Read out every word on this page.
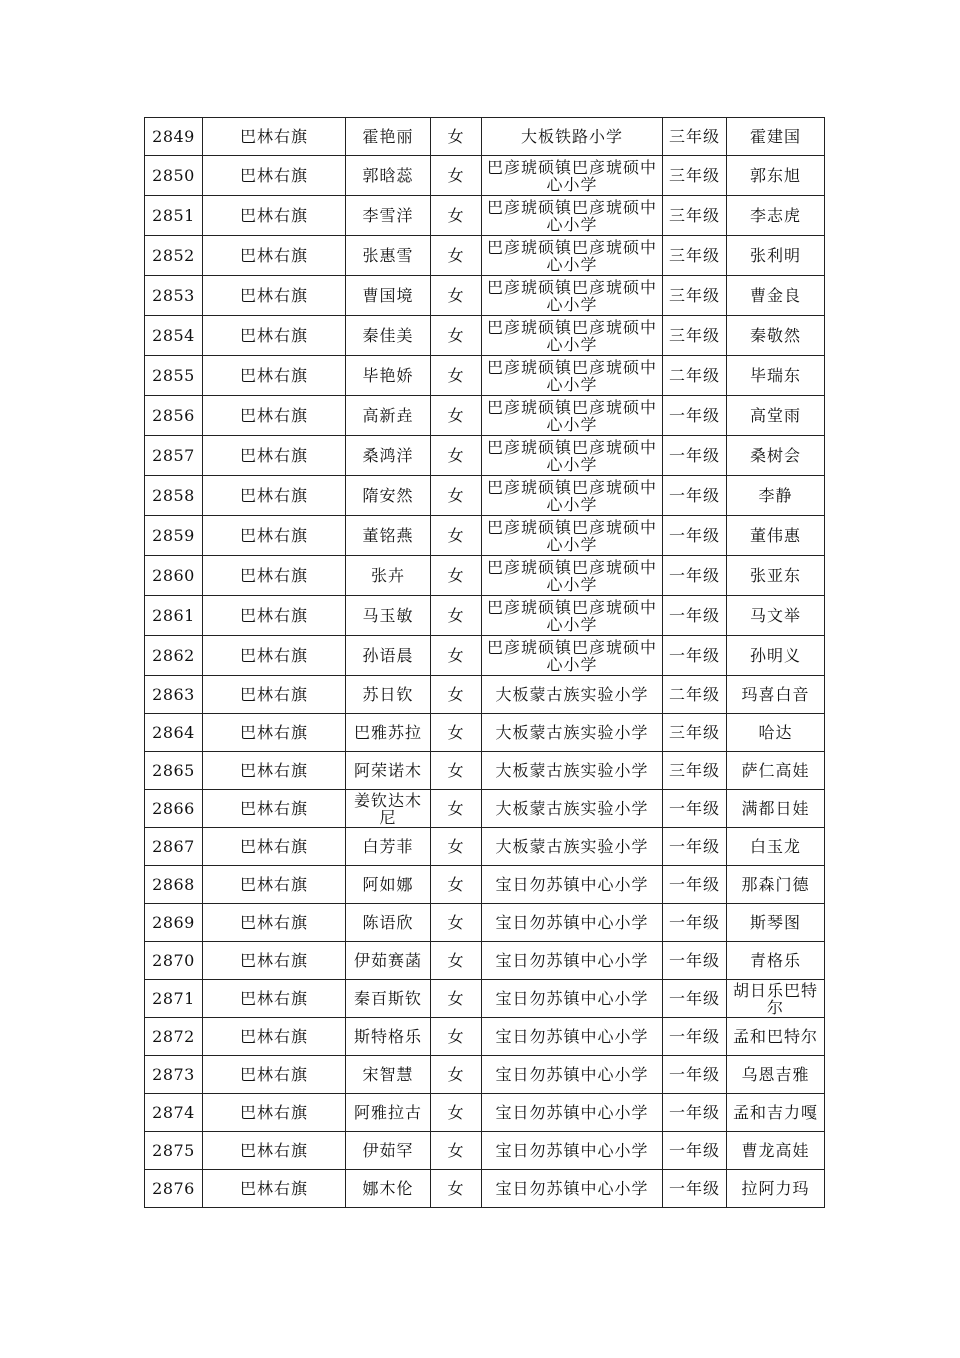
2849	巴林右旗	霍艳丽	女	大板铁路小学	三年级	霍建国
2850	巴林右旗	郭晗蕊	女	巴彦琥硕镇巴彦琥硕中心小学	三年级	郭东旭
2851	巴林右旗	李雪洋	女	巴彦琥硕镇巴彦琥硕中心小学	三年级	李志虎
2852	巴林右旗	张惠雪	女	巴彦琥硕镇巴彦琥硕中心小学	三年级	张利明
2853	巴林右旗	曹国境	女	巴彦琥硕镇巴彦琥硕中心小学	三年级	曹金良
2854	巴林右旗	秦佳美	女	巴彦琥硕镇巴彦琥硕中心小学	三年级	秦敬然
2855	巴林右旗	毕艳娇	女	巴彦琥硕镇巴彦琥硕中心小学	二年级	毕瑞东
2856	巴林右旗	高新垚	女	巴彦琥硕镇巴彦琥硕中心小学	一年级	高堂雨
2857	巴林右旗	桑鸿洋	女	巴彦琥硕镇巴彦琥硕中心小学	一年级	桑树会
2858	巴林右旗	隋安然	女	巴彦琥硕镇巴彦琥硕中心小学	一年级	李静
2859	巴林右旗	董铭燕	女	巴彦琥硕镇巴彦琥硕中心小学	一年级	董伟惠
2860	巴林右旗	张卉	女	巴彦琥硕镇巴彦琥硕中心小学	一年级	张亚东
2861	巴林右旗	马玉敏	女	巴彦琥硕镇巴彦琥硕中心小学	一年级	马文举
2862	巴林右旗	孙语晨	女	巴彦琥硕镇巴彦琥硕中心小学	一年级	孙明义
2863	巴林右旗	苏日钦	女	大板蒙古族实验小学	二年级	玛喜白音
2864	巴林右旗	巴雅苏拉	女	大板蒙古族实验小学	三年级	哈达
2865	巴林右旗	阿荣诺木	女	大板蒙古族实验小学	三年级	萨仁高娃
2866	巴林右旗	姜钦达木尼	女	大板蒙古族实验小学	一年级	满都日娃
2867	巴林右旗	白芳菲	女	大板蒙古族实验小学	一年级	白玉龙
2868	巴林右旗	阿如娜	女	宝日勿苏镇中心小学	一年级	那森门德
2869	巴林右旗	陈语欣	女	宝日勿苏镇中心小学	一年级	斯琴图
2870	巴林右旗	伊茹赛菡	女	宝日勿苏镇中心小学	一年级	青格乐
2871	巴林右旗	秦百斯钦	女	宝日勿苏镇中心小学	一年级	胡日乐巴特尔
2872	巴林右旗	斯特格乐	女	宝日勿苏镇中心小学	一年级	孟和巴特尔
2873	巴林右旗	宋智慧	女	宝日勿苏镇中心小学	一年级	乌恩吉雅
2874	巴林右旗	阿雅拉古	女	宝日勿苏镇中心小学	一年级	孟和吉力嘎
2875	巴林右旗	伊茹罕	女	宝日勿苏镇中心小学	一年级	曹龙高娃
2876	巴林右旗	娜木伦	女	宝日勿苏镇中心小学	一年级	拉阿力玛
